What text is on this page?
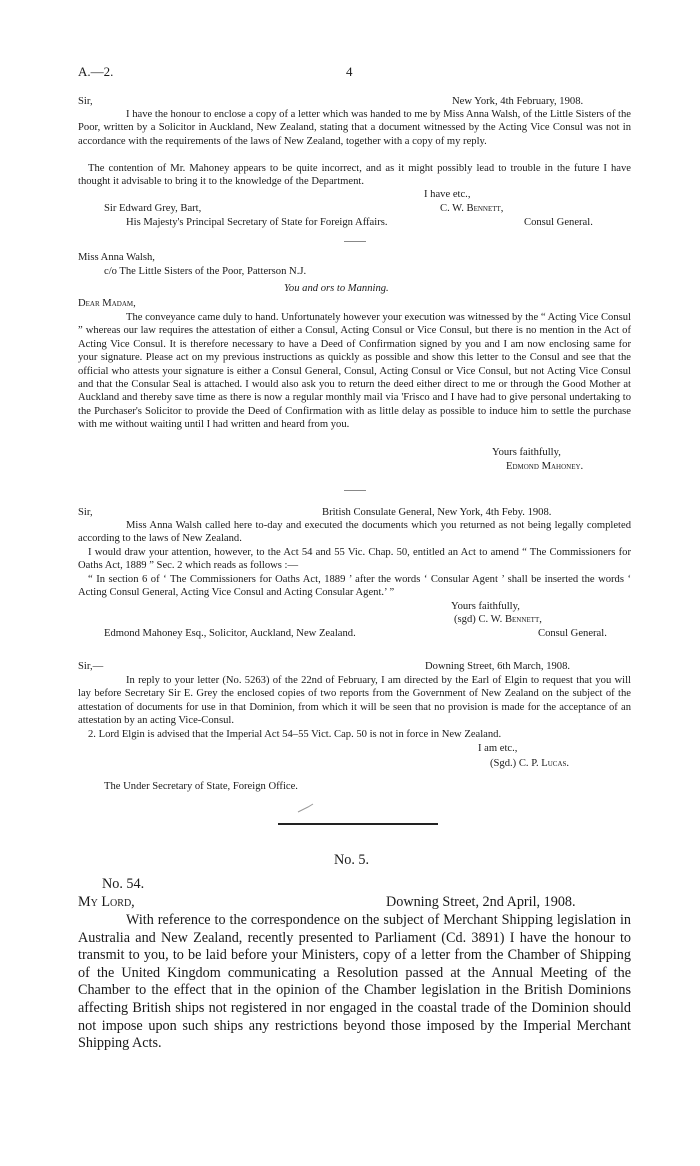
A.—2.	4
Sir,	New York, 4th February, 1908.
I have the honour to enclose a copy of a letter which was handed to me by Miss Anna Walsh, of the Little Sisters of the Poor, written by a Solicitor in Auckland, New Zealand, stating that a document witnessed by the Acting Vice Consul was not in accordance with the requirements of the laws of New Zealand, together with a copy of my reply.
The contention of Mr. Mahoney appears to be quite incorrect, and as it might possibly lead to trouble in the future I have thought it advisable to bring it to the knowledge of the Department.
I have etc.,
Sir Edward Grey, Bart,	C. W. Bennett,
His Majesty's Principal Secretary of State for Foreign Affairs.	Consul General.
Miss Anna Walsh,
c/o The Little Sisters of the Poor, Patterson N.J.
You and ors to Manning.
Dear Madam,
The conveyance came duly to hand. Unfortunately however your execution was witnessed by the “ Acting Vice Consul ” whereas our law requires the attestation of either a Consul, Acting Consul or Vice Consul, but there is no mention in the Act of Acting Vice Consul. It is therefore necessary to have a Deed of Confirmation signed by you and I am now enclosing same for your signature. Please act on my previous instructions as quickly as possible and show this letter to the Consul and see that the official who attests your signature is either a Consul General, Consul, Acting Consul or Vice Consul, but not Acting Vice Consul and that the Consular Seal is attached. I would also ask you to return the deed either direct to me or through the Good Mother at Auckland and thereby save time as there is now a regular monthly mail via 'Frisco and I have had to give personal undertaking to the Purchaser's Solicitor to provide the Deed of Confirmation with as little delay as possible to induce him to settle the purchase with me without waiting until I had written and heard from you.
Yours faithfully,
Edmond Mahoney.
Sir,	British Consulate General, New York, 4th Feby. 1908.
Miss Anna Walsh called here to-day and executed the documents which you returned as not being legally completed according to the laws of New Zealand.
I would draw your attention, however, to the Act 54 and 55 Vic. Chap. 50, entitled an Act to amend “ The Commissioners for Oaths Act, 1889 ” Sec. 2 which reads as follows :—
“ In section 6 of ‘ The Commissioners for Oaths Act, 1889 ’ after the words ‘ Consular Agent ’ shall be inserted the words ‘ Acting Consul General, Acting Vice Consul and Acting Consular Agent.’ ”
Yours faithfully,
(sgd) C. W. Bennett,
Edmond Mahoney Esq., Solicitor, Auckland, New Zealand.	Consul General.
Sir,—	Downing Street, 6th March, 1908.
In reply to your letter (No. 5263) of the 22nd of February, I am directed by the Earl of Elgin to request that you will lay before Secretary Sir E. Grey the enclosed copies of two reports from the Government of New Zealand on the subject of the attestation of documents for use in that Dominion, from which it will be seen that no provision is made for the acceptance of an attestation by an acting Vice-Consul.
2. Lord Elgin is advised that the Imperial Act 54–55 Vict. Cap. 50 is not in force in New Zealand.
I am etc.,
(Sgd.) C. P. Lucas.
The Under Secretary of State, Foreign Office.
No. 5.
No. 54.
My Lord,	Downing Street, 2nd April, 1908.
With reference to the correspondence on the subject of Merchant Shipping legislation in Australia and New Zealand, recently presented to Parliament (Cd. 3891) I have the honour to transmit to you, to be laid before your Ministers, copy of a letter from the Chamber of Shipping of the United Kingdom communicating a Resolution passed at the Annual Meeting of the Chamber to the effect that in the opinion of the Chamber legislation in the British Dominions affecting British ships not registered in nor engaged in the coastal trade of the Dominion should not impose upon such ships any restrictions beyond those imposed by the Imperial Merchant Shipping Acts.
